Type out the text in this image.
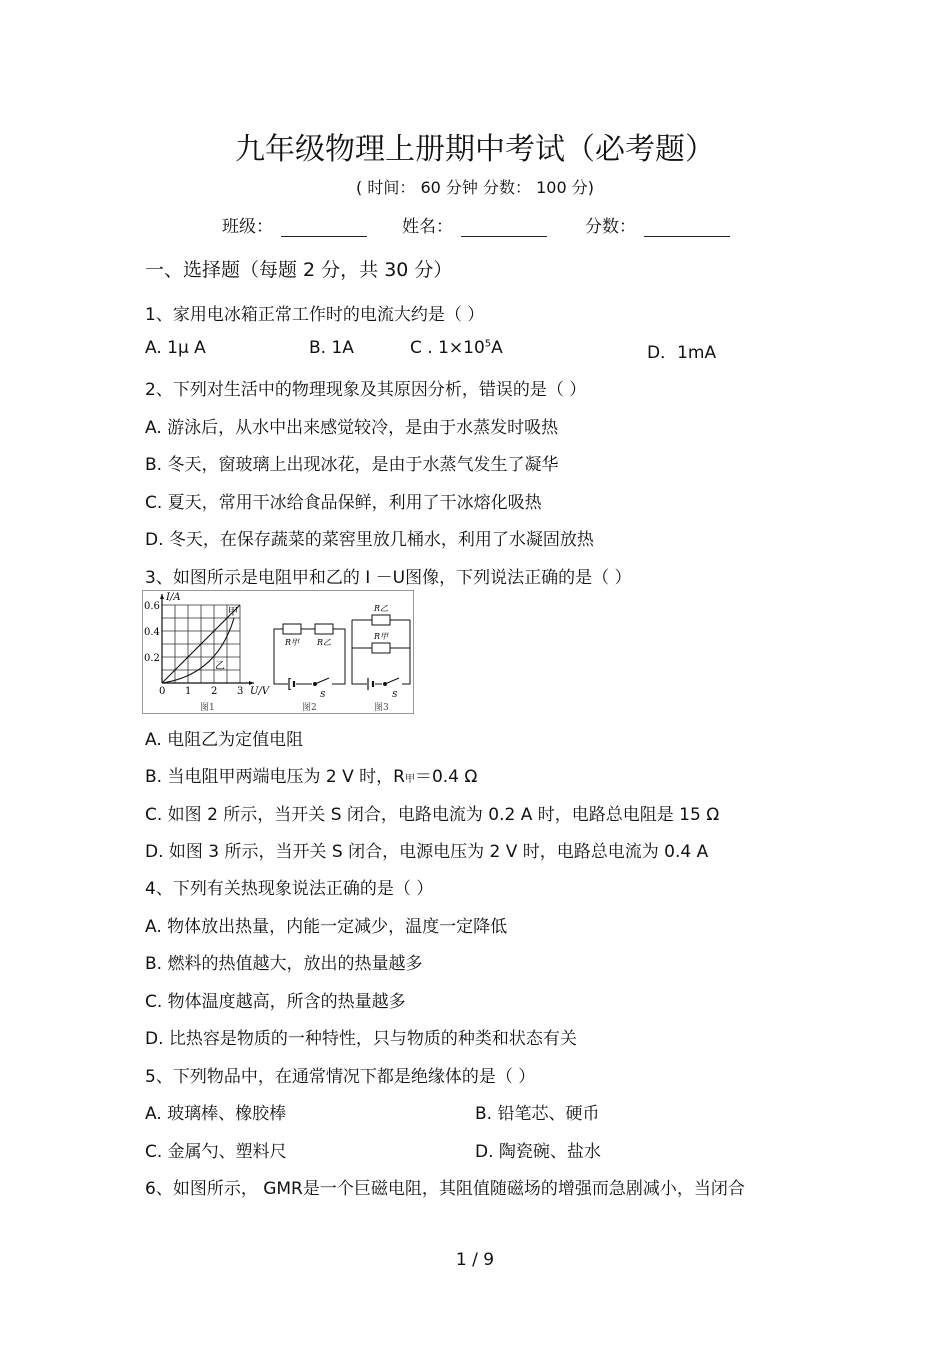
九年级物理上册期中考试（必考题）
( 时间： 60 分钟 分数： 100 分)
班级：	姓名：	分数：
一、选择题（每题 2 分，共 30 分）
1、家用电冰箱正常工作时的电流大约是（ ）
A. 1μ A	B. 1A	C . $1\times 10^5A$	D．1mA
2、下列对生活中的物理现象及其原因分析，错误的是（ ）
A. 游泳后，从水中出来感觉较冷，是由于水蒸发时吸热
B. 冬天，窗玻璃上出现冰花，是由于水蒸气发生了凝华
C. 夏天，常用干冰给食品保鲜，利用了干冰熔化吸热
D. 冬天，在保存蔬菜的菜窖里放几桶水，利用了水凝固放热
3、如图所示是电阻甲和乙的 I －U图像，下列说法正确的是（ ）
I/A
0.6
0.4
0.2
0 1 2 3 U/V
甲
乙
图1
R甲 R乙
S
图2
R乙
R甲
S
图3
A. 电阻乙为定值电阻
B. 当电阻甲两端电压为 2 V 时，R甲＝0.4 Ω
C. 如图 2 所示，当开关 S 闭合，电路电流为 0.2 A 时，电路总电阻是 15 Ω
D. 如图 3 所示，当开关 S 闭合，电源电压为 2 V 时，电路总电流为 0.4 A
4、下列有关热现象说法正确的是（ ）
A. 物体放出热量，内能一定减少，温度一定降低
B. 燃料的热值越大，放出的热量越多
C. 物体温度越高，所含的热量越多
D. 比热容是物质的一种特性，只与物质的种类和状态有关
5、下列物品中，在通常情况下都是绝缘体的是（ ）
A. 玻璃棒、橡胶棒	B. 铅笔芯、硬币
C. 金属勺、塑料尺	D. 陶瓷碗、盐水
6、如图所示， GMR是一个巨磁电阻，其阻值随磁场的增强而急剧减小，当闭合
1 / 9
